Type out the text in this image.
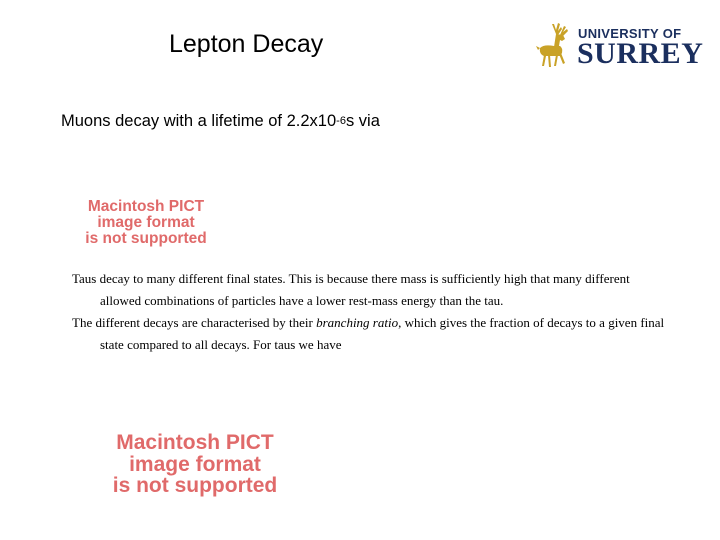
Lepton Decay	UNIVERSITY OF
SURREY
Muons decay with a lifetime of $2.2x10^{-6}s$ via
Macintosh PICT
image format
is not supported
Taus decay to many different final states. This is because there mass is sufficiently high that many different allowed combinations of particles have a lower rest-mass energy than the tau.
The different decays are characterised by their branching ratio, which gives the fraction of decays to a given final state compared to all decays. For taus we have
Macintosh PICT
image format
is not supported
